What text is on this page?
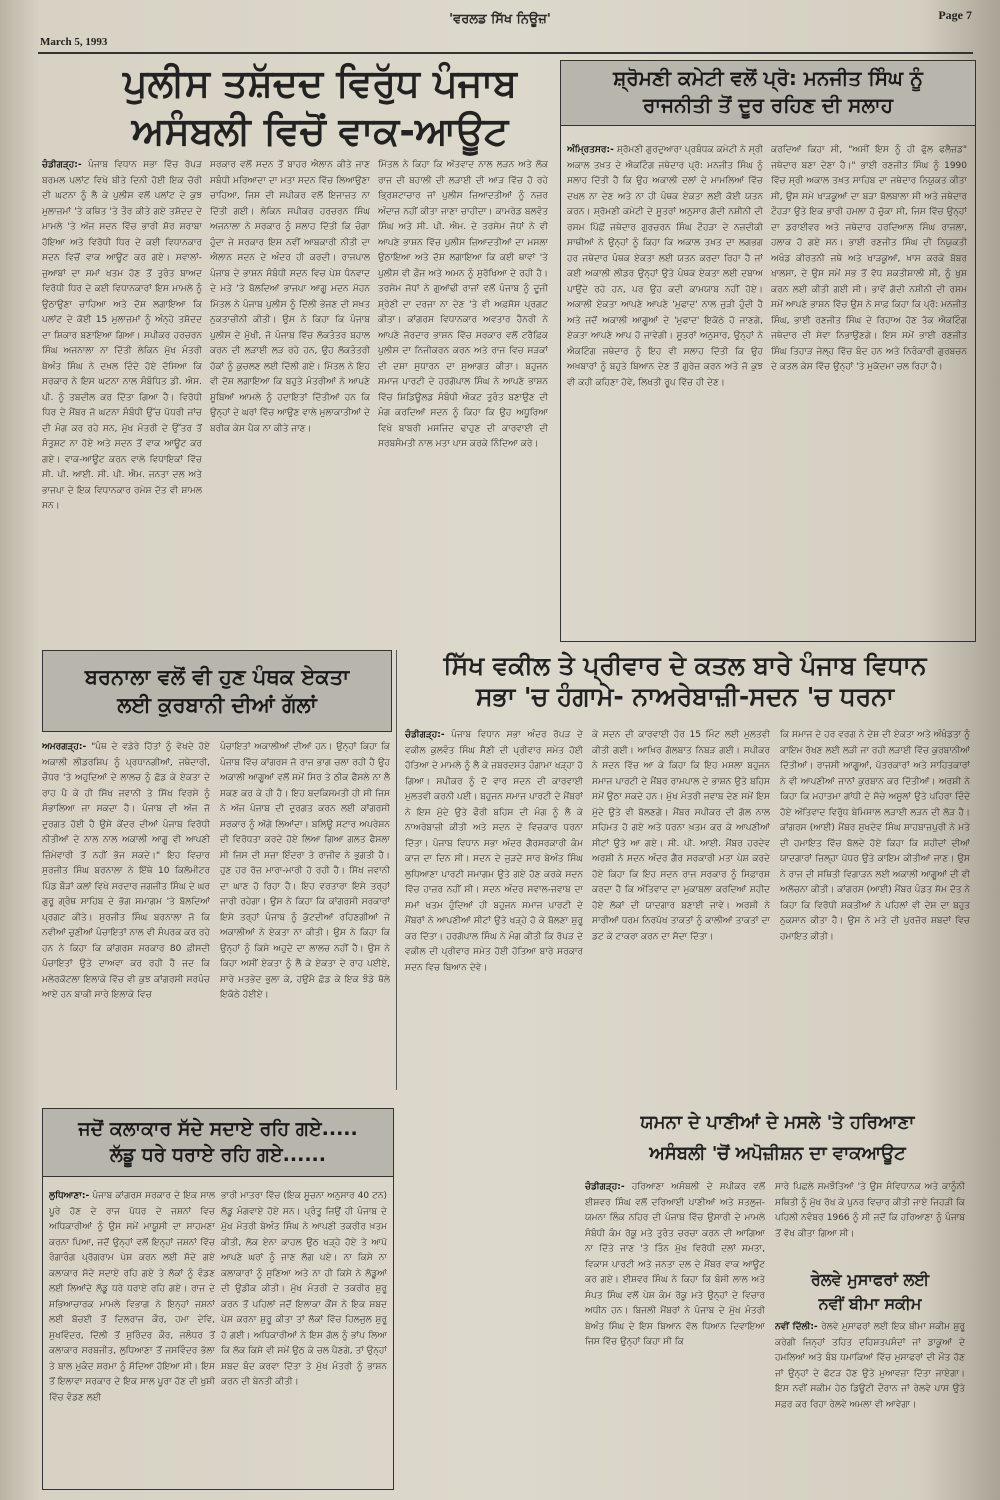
'ਵਰਲਡ ਸਿੱਖ ਨਿਊਜ਼'
March 5, 1993
Page 7
ਪੁਲੀਸ ਤਸ਼ੱਦਦ ਵਿਰੁੱਧ ਪੰਜਾਬ
ਅਸੰਬਲੀ ਵਿਚੋਂ ਵਾਕ-ਆਊਟ
ਚੰਡੀਗੜ੍ਹ:- ਪੰਜਾਬ ਵਿਧਾਨ ਸਭਾ ਵਿੱਚ ਰੋਪੜ ਬਰਮਲ ਪਲਾਂਟ ਵਿਖੇ ਬੀਤੇ ਦਿਨੀ ਹੋਈ ਇਕ ਚੋਰੀ ਦੀ ਘਟਨਾ ਨੂੰ ਲੈ ਕੇ ਪੁਲੀਸ ਵਲੋਂ ਪਲਾਂਟ ਦੇ ਕੁਝ ਮੁਲਾਜ਼ਮਾਂ 'ਤੇ ਕਥਿਤ 'ਤੇ ਤੌਰ ਕੀਤੇ ਗਏ ਤਸ਼ੱਦਦ ਦੇ ਮਾਮਲੇ 'ਤੇ ਅੱਜ ਸਦਨ ਵਿੱਚ ਭਾਰੀ ਸ਼ੋਰ ਸ਼ਰਾਬਾ ਹੋਇਆ ਅਤੇ ਵਿਰੋਧੀ ਧਿਰ ਦੇ ਕਈ ਵਿਧਾਨਕਾਰ ਸਦਨ ਵਿਚੋਂ ਵਾਕ ਆਊਟ ਕਰ ਗਏ। ਸਵਾਲਾਂ-ਜੁਆਬਾਂ ਦਾ ਸਮਾਂ ਖਤਮ ਹੋਣ ਤੋਂ ਤੁਰੰਤ ਬਾਅਦ ਵਿਰੋਧੀ ਧਿਰ ਦੇ ਕਈ ਵਿਧਾਨਕਾਰਾਂ ਇਸ ਮਾਮਲੇ ਨੂੰ ਉਠਾਉਣਾ ਚਾਹਿਆ ਅਤੇ ਦੋਸ਼ ਲਗਾਇਆ ਕਿ ਪਲਾਂਟ ਦੇ ਕੋਈ 15 ਮੁਲਾਜ਼ਮਾਂ ਨੂੰ ਅੰਨ੍ਹੇ ਤਸ਼ੱਦਦ ਦਾ ਸ਼ਿਕਾਰ ਬਣਾਇਆ ਗਿਆ। ਸਪੀਕਰ ਹਰਚਰਨ ਸਿੰਘ ਅਜਨਾਲਾ ਨਾ ਦਿੱਤੀ ਲੇਕਿਨ ਮੁੱਖ ਮੰਤਰੀ ਬੇਅੰਤ ਸਿੰਘ ਨੇ ਦਖ਼ਲ ਦਿੰਦੇ ਹੋਏ ਦੱਸਿਆ ਕਿ ਸਰਕਾਰ ਨੇ ਇਸ ਘਟਨਾ ਨਾਲ ਸੰਬੰਧਿਤ ਡੀ. ਐਸ. ਪੀ. ਨੂੰ ਤਬਦੀਲ ਕਰ ਦਿੱਤਾ ਗਿਆ ਹੈ। ਵਿਰੋਧੀ ਧਿਰ ਦੇ ਮੈਂਬਰ ਜੋ ਘਟਨਾ ਸੰਬੰਧੀ ਉੱਚ ਪੱਧਰੀ ਜਾਂਚ ਦੀ ਮੰਗ ਕਰ ਰਹੇ ਸਨ, ਮੁੱਖ ਮੰਤਰੀ ਦੇ ਉੱਤਰ ਤੋਂ ਸੰਤੁਸ਼ਟ ਨਾ ਹੋਏ ਅਤੇ ਸਦਨ ਤੋਂ ਵਾਕ ਆਊਟ ਕਰ ਗਏ। ਵਾਕ-ਆਊਟ ਕਰਨ ਵਾਲੇ ਵਿਧਾਇਕਾਂ ਵਿੱਚ ਸੀ. ਪੀ. ਆਈ. ਸੀ. ਪੀ. ਐਮ. ਜਨਤਾ ਦਲ ਅਤੇ ਭਾਜਪਾ ਦੇ ਇਕ ਵਿਧਾਨਕਾਰ ਰਮੇਸ਼ ਦੱਤ ਵੀ ਸ਼ਾਮਲ ਸਨ।
ਸਰਕਾਰ ਵਲੋਂ ਸਦਨ ਤੋਂ ਬਾਹਰ ਐਲਾਨ ਕੀਤੇ ਜਾਣ ਸਬੰਧੀ ਮਰਿਆਦਾ ਦਾ ਮਤਾ ਸਦਨ ਵਿੱਚ ਲਿਆਉਣਾ ਚਾਹਿਆ, ਜਿਸ ਦੀ ਸਪੀਕਰ ਵਲੋਂ ਇਜਾਜ਼ਤ ਨਾ ਦਿੱਤੀ ਗਈ। ਲੇਕਿਨ ਸਪੀਕਰ ਹਰਚਰਨ ਸਿੰਘ ਅਜਨਾਲਾ ਨੇ ਸਰਕਾਰ ਨੂੰ ਸਲਾਹ ਦਿੱਤੀ ਕਿ ਚੰਗਾ ਹੁੰਦਾ ਜੇ ਸਰਕਾਰ ਇਸ ਨਵੀਂ ਆਬਕਾਰੀ ਨੀਤੀ ਦਾ ਐਲਾਨ ਸਦਨ ਦੇ ਅੰਦਰ ਹੀ ਕਰਦੀ। ਰਾਜਪਾਲ ਪੰਜਾਬ ਦੇ ਭਾਸ਼ਨ ਸੰਬੰਧੀ ਸਦਨ ਵਿਚ ਪੇਸ਼ ਧੰਨਵਾਦ ਦੇ ਮਤੇ 'ਤੇ ਬੋਲਦਿਆਂ ਭਾਜਪਾ ਆਗੂ ਮਦਨ ਮੋਹਨ ਮਿੱਤਲ ਨੇ ਪੰਜਾਬ ਪੁਲੀਸ ਨੂੰ ਦਿੱਲੀ ਭੇਜਣ ਦੀ ਸਖ਼ਤ ਨੁਕਤਾਚੀਨੀ ਕੀਤੀ। ਉਸ ਨੇ ਕਿਹਾ ਕਿ ਪੰਜਾਬ ਪੁਲੀਸ ਦੇ ਮੁੱਖੀ, ਜੋ ਪੰਜਾਬ ਵਿੱਚ ਲੋਕਤੰਤਰ ਬਹਾਲ ਕਰਨ ਦੀ ਲੜਾਈ ਲੜ ਰਹੇ ਹਨ, ਉਹ ਲੋਕਤੰਤਰੀ ਹੱਕਾਂ ਨੂੰ ਕੁਚਲਣ ਲਈ ਦਿੱਲੀ ਗਏ। ਮਿੱਤਲ ਨੇ ਇਹ ਵੀ ਦੋਸ਼ ਲਗਾਇਆ ਕਿ ਬਹੁਤੇ ਮੰਤਰੀਆਂ ਨੇ ਆਪਣੇ ਸੂਬਿਆਂ ਆਮਲੇ ਨੂੰ ਹਦਾਇਤਾਂ ਦਿੱਤੀਆਂ ਹਨ ਕਿ ਉਨ੍ਹਾਂ ਦੇ ਘਰਾਂ ਵਿੱਚ ਆਉਣ ਵਾਲੇ ਮੁਲਾਕਾਤੀਆਂ ਦੇ ਬਰੀਕ ਕੇਸ ਪੈਕ ਨਾ ਕੀਤੇ ਜਾਣ।
ਮਿੱਤਲ ਨੇ ਕਿਹਾ ਕਿ ਅੱਤਵਾਦ ਨਾਲ ਲੜਨ ਅਤੇ ਲੋਕ ਰਾਜ ਦੀ ਬਹਾਲੀ ਦੀ ਲੜਾਈ ਦੀ ਆੜ ਵਿੱਚ ਹੋ ਰਹੇ ਭ੍ਰਿਸ਼ਟਾਚਾਰ ਜਾਂ ਪੁਲੀਸ ਜ਼ਿਆਦਤੀਆਂ ਨੂੰ ਨਜ਼ਰ ਅੰਦਾਜ਼ ਨਹੀਂ ਕੀਤਾ ਜਾਣਾ ਚਾਹੀਦਾ। ਕਾਮਰੇਡ ਬਲਵੰਤ ਸਿੰਘ ਅਤੇ ਸੀ. ਪੀ. ਐਮ. ਦੇ ਤਰਸੇਮ ਜੋਧਾਂ ਨੇ ਵੀ ਆਪਣੇ ਭਾਸ਼ਨ ਵਿੱਚ ਪੁਲੀਸ ਜ਼ਿਆਦਤੀਆਂ ਦਾ ਮਸਲਾ ਉਠਾਇਆ ਅਤੇ ਦੋਸ਼ ਲਗਾਇਆ ਕਿ ਕਈ ਥਾਵਾਂ 'ਤੇ ਪੁਲੀਸ ਵੀ ਫ਼ੌਜ ਅਤੇ ਅਮਨ ਨੂੰ ਸੁਰੱਖਿਆ ਦੇ ਰਹੀ ਹੈ। ਤਰਸੇਮ ਜੋਧਾਂ ਨੇ ਗੁਆਂਢੀ ਰਾਜਾਂ ਵਲੋਂ ਪੰਜਾਬ ਨੂੰ ਦੂਜੀ ਸ਼੍ਰੇਣੀ ਦਾ ਦਰਜਾ ਨਾ ਦੇਣ 'ਤੇ ਵੀ ਅਫ਼ਸੋਸ ਪ੍ਰਗਟ ਕੀਤਾ। ਕਾਂਗਰਸ ਵਿਧਾਨਕਾਰ ਅਵਤਾਰ ਹੈਨਰੀ ਨੇ ਆਪਣੇ ਜੋਰਦਾਰ ਭਾਸ਼ਨ ਵਿੱਚ ਸਰਕਾਰ ਵਲੋਂ ਟਰੈਫ਼ਿਕ ਪੁਲੀਸ ਦਾ ਨਿਜੀਕਰਨ ਕਰਨ ਅਤੇ ਰਾਜ ਵਿਚ ਸੜਕਾਂ ਦੀ ਦਸ਼ਾ ਸੁਧਾਰਨ ਦਾ ਸੁਆਗਤ ਕੀਤਾ। ਬਹੁਜਨ ਸਮਾਜ ਪਾਰਟੀ ਦੇ ਹਰਗੋਪਾਲ ਸਿੰਘ ਨੇ ਆਪਣੇ ਭਾਸ਼ਨ ਵਿੱਚ ਸ਼ਿਡਿਊਲਡ ਸੰਬੰਧੀ ਐਕਟ ਤੁਰੰਤ ਬਣਾਉਣ ਦੀ ਮੰਗ ਕਰਦਿਆਂ ਸਦਨ ਨੂੰ ਕਿਹਾ ਕਿ ਉਹ ਅਧੂਰਿਆ ਵਿਖੇ ਬਾਬਰੀ ਮਸਜਿਦ ਢਾਹੁਣ ਦੀ ਕਾਰਵਾਈ ਦੀ ਸਰਬਸੰਮਤੀ ਨਾਲ ਮਤਾ ਪਾਸ ਕਰਕੇ ਨਿੰਦਿਆ ਕਰੇ।
ਸ਼੍ਰੋਮਣੀ ਕਮੇਟੀ ਵਲੋਂ ਪ੍ਰੋ: ਮਨਜੀਤ ਸਿੰਘ ਨੂੰ
ਰਾਜਨੀਤੀ ਤੋਂ ਦੂਰ ਰਹਿਣ ਦੀ ਸਲਾਹ
ਅੰਮ੍ਰਿਤਸਰ:- ਸ਼੍ਰੋਮਣੀ ਗੁਰਦੁਆਰਾ ਪ੍ਰਬੰਧਕ ਕਮੇਟੀ ਨੇ ਸ੍ਰੀ ਅਕਾਲ ਤਖ਼ਤ ਦੇ ਐਕਟਿੰਗ ਜਥੇਦਾਰ ਪ੍ਰੋ: ਮਨਜੀਤ ਸਿੰਘ ਨੂੰ ਸਲਾਹ ਦਿੱਤੀ ਹੈ ਕਿ ਉਹ ਅਕਾਲੀ ਦਲਾਂ ਦੇ ਮਾਮਲਿਆਂ ਵਿੱਚ ਦਖਲ ਨਾ ਦੇਣ ਅਤੇ ਨਾ ਹੀ ਪੰਥਕ ਏਕਤਾ ਲਈ ਕੋਈ ਯਤਨ ਕਰਨ। ਸ਼੍ਰੋਮਣੀ ਕਮੇਟੀ ਦੇ ਸੂਤਰਾਂ ਅਨੁਸਾਰ ਗੱਦੀ ਨਸ਼ੀਨੀ ਦੀ ਰਸਮ ਪਿੱਛੋਂ ਜਥੇਦਾਰ ਗੁਰਚਰਨ ਸਿੰਘ ਟੌਹੜਾ ਦੇ ਨਜ਼ਦੀਕੀ ਸਾਥੀਆਂ ਨੇ ਉਨ੍ਹਾਂ ਨੂੰ ਕਿਹਾ ਕਿ ਅਕਾਲ ਤਖ਼ਤ ਦਾ ਲਗਭਗ ਹਰ ਜਥੇਦਾਰ ਪੰਥਕ ਏਕਤਾ ਲਈ ਯਤਨ ਕਰਦਾ ਰਿਹਾ ਹੈ ਜਾਂ ਕਈ ਅਕਾਲੀ ਲੀਡਰ ਉਨ੍ਹਾਂ ਉਤੇ ਪੰਥਕ ਏਕਤਾ ਲਈ ਦਬਾਅ ਪਾਉਂਦੇ ਰਹੇ ਹਨ, ਪਰ ਉਹ ਕਦੀ ਕਾਮਯਾਬ ਨਹੀਂ ਹੋਏ। ਅਕਾਲੀ ਏਕਤਾ ਆਪਣੇ ਆਪਣੇ 'ਮੁਫਾਦ' ਨਾਲ ਜੁੜੀ ਹੁੰਦੀ ਹੈ ਅਤੇ ਜਦੋਂ ਅਕਾਲੀ ਆਗੂਆਂ ਦੇ 'ਮੁਫਾਦ' ਇਕੱਠੇ ਹੋ ਜਾਣਗੇ, ਏਕਤਾ ਆਪਣੇ ਆਪ ਹੋ ਜਾਵੇਗੀ। ਸੂਤਰਾਂ ਅਨੁਸਾਰ, ਉਨ੍ਹਾਂ ਨੇ ਐਕਟਿੰਗ ਜਥੇਦਾਰ ਨੂੰ ਇਹ ਵੀ ਸਲਾਹ ਦਿੱਤੀ ਕਿ ਉਹ ਅਖ਼ਬਾਰਾਂ ਨੂੰ ਬਹੁਤੇ ਬਿਆਨ ਦੇਣ ਤੋਂ ਗੁਰੇਜ਼ ਕਰਨ ਅਤੇ ਜੋ ਕੁਝ ਵੀ ਕਹੀ ਕਹਿਣਾ ਹੋਵੇ, ਲਿਖਤੀ ਰੂਪ ਵਿੱਚ ਹੀ ਦੇਣ।
ਕਰਦਿਆਂ ਕਿਹਾ ਸੀ, "ਅਸੀਂ ਇਸ ਨੂੰ ਹੀ ਫੁੱਲ ਫਲੈਜ਼ਡ" ਜਥੇਦਾਰ ਬਣਾ ਦੇਣਾ ਹੈ।" ਭਾਈ ਰਣਜੀਤ ਸਿੰਘ ਨੂੰ 1990 ਵਿੱਚ ਸ੍ਰੀ ਅਕਾਲ ਤਖ਼ਤ ਸਾਹਿਬ ਦਾ ਜਥੇਦਾਰ ਨਿਯੁਕਤ ਕੀਤਾ ਸੀ, ਉਸ ਸਮੇ ਖਾੜਕੂਆਂ ਦਾ ਬੜਾ ਬੋਲਬਾਲਾ ਸੀ ਅਤੇ ਜਥੇਦਾਰ ਟੌਹੜਾ ਉਤੇ ਇਕ ਭਾਰੀ ਹਮਲਾ ਹੋ ਚੁੱਕਾ ਸੀ, ਜਿਸ ਵਿੱਚ ਉਨ੍ਹਾਂ ਦਾ ਡਰਾਈਵਰ ਅਤੇ ਜਥੇਦਾਰ ਹਰਦਿਆਲ ਸਿੰਘ ਰਾਜਲਾ, ਹਲਾਕ ਹੋ ਗਏ ਸਨ। ਭਾਈ ਰਣਜੀਤ ਸਿੰਘ ਦੀ ਨਿਯੁਕਤੀ ਅਖੰਡ ਕੀਰਤਨੀ ਜਥੇ ਅਤੇ ਖਾੜਕੂਆਂ, ਖ਼ਾਸ ਕਰਕੇ ਬੱਬਰ ਖਾਲਸਾ, ਦੇ ਉਸ ਸਮੇਂ ਸਭ ਤੋਂ ਵੱਧ ਸ਼ਕਤੀਸ਼ਾਲੀ ਸੀ, ਨੂੰ ਖੁਸ਼ ਕਰਨ ਲਈ ਕੀਤੀ ਗਈ ਸੀ। ਭਾਵੇਂ ਗੱਦੀ ਨਸ਼ੀਨੀ ਦੀ ਰਸਮ ਸਮੇਂ ਆਪਣੇ ਭਾਸ਼ਨ ਵਿੱਚ ਉਸ ਨੇ ਸਾਫ਼ ਕਿਹਾ ਕਿ ਪ੍ਰੋ: ਮਨਜੀਤ ਸਿੰਘ, ਭਾਈ ਰਣਜੀਤ ਸਿੰਘ ਦੇ ਰਿਹਾਅ ਹੋਣ ਤੱਕ ਐਕਟਿੰਗ ਜਥੇਦਾਰ ਦੀ ਸੇਵਾ ਨਿਭਾਉਣਗੇ। ਇਸ ਸਮੇਂ ਭਾਈ ਰਣਜੀਤ ਸਿੰਘ ਤਿਹਾੜ ਜੇਲ੍ਹ ਵਿੱਚ ਬੰਦ ਹਨ ਅਤੇ ਨਿਰੰਕਾਰੀ ਗੁਰਬਚਨ ਦੇ ਕਤਲ ਕੇਸ ਵਿੱਚ ਉਨ੍ਹਾਂ 'ਤੇ ਮੁਕੱਦਮਾ ਚਲ ਰਿਹਾ ਹੈ।
ਬਰਨਾਲਾ ਵਲੋਂ ਵੀ ਹੁਣ ਪੰਥਕ ਏਕਤਾ
ਲਈ ਕੁਰਬਾਨੀ ਦੀਆਂ ਗੱਲਾਂ
ਅਮਰਗੜ੍ਹ:- "ਪੰਥ ਦੇ ਵਡੇਰੇ ਹਿੱਤਾਂ ਨੂੰ ਵੇਖਦੇ ਹੋਏ ਅਕਾਲੀ ਲੀਡਰਸ਼ਿਪ ਨੂੰ ਪ੍ਰਧਾਨਗੀਆਂ, ਜਥੇਦਾਰੀ, ਚੌਧਰ 'ਤੇ ਅਹੁਦਿਆਂ ਦੇ ਲਾਲਚ ਨੂੰ ਛੱਡ ਕੇ ਏਕਤਾ ਦੇ ਰਾਹ ਪੈ ਕੇ ਹੀ ਸਿੱਖ ਜਵਾਨੀ ਤੇ ਸਿੱਖ ਵਿਰਸੇ ਨੂੰ ਸੰਭਾਲਿਆ ਜਾ ਸਕਦਾ ਹੈ। ਪੰਜਾਬ ਦੀ ਅੱਜ ਜੋ ਦੁਰਗਤ ਹੋਈ ਹੈ ਉਸੇ ਕੇਂਦਰ ਦੀਆਂ ਪੰਜਾਬ ਵਿਰੋਧੀ ਨੀਤੀਆਂ ਦੇ ਨਾਲ ਨਾਲ ਅਕਾਲੀ ਆਗੂ ਵੀ ਆਪਣੀ ਜ਼ਿੰਮੇਵਾਰੀ ਤੋਂ ਨਹੀਂ ਭੱਜ ਸਕਦੇ।" ਇਹ ਵਿਚਾਰ ਸੁਰਜੀਤ ਸਿੰਘ ਬਰਨਾਲਾ ਨੇ ਇੱਥੇ 10 ਕਿਲੋਮੀਟਰ ਪਿੰਡ ਬੌੜਾਂ ਕਲਾਂ ਵਿਖੇ ਸਰਦਾਰ ਜਗਜੀਤ ਸਿੰਘ ਦੇ ਘਰ ਗੁਰੂ ਗ੍ਰੰਥ ਸਾਹਿਬ ਦੇ ਭੋਗ ਸਮਾਗਮ 'ਤੇ ਬੋਲਦਿਆਂ ਪ੍ਰਗਟ ਕੀਤੇ। ਸੁਰਜੀਤ ਸਿੰਘ ਬਰਨਾਲਾ ਜੋ ਕਿ ਨਵੀਆਂ ਚੁਣੀਆਂ ਪੰਚਾਇਤਾਂ ਨਾਲ ਵੀ ਸੰਪਰਕ ਕਰ ਰਹੇ ਹਨ ਨੇ ਕਿਹਾ ਕਿ ਕਾਂਗਰਸ ਸਰਕਾਰ 80 ਫ਼ੀਸਦੀ ਪੰਚਾਇਤਾਂ ਉਤੇ ਦਾਅਵਾ ਕਰ ਰਹੀ ਹੈ ਜਦ ਕਿ ਮਲੇਰਕੋਟਲਾ ਇਲਾਕੇ ਵਿੱਚ ਵੀ ਕੁਝ ਕਾਂਗਰਸੀ ਸਰਪੰਚ ਆਏ ਹਨ ਬਾਕੀ ਸਾਰੇ ਇਲਾਕੇ ਵਿਚ
ਪੰਚਾਇਤਾਂ ਅਕਾਲੀਆਂ ਦੀਆਂ ਹਨ। ਉਨ੍ਹਾਂ ਕਿਹਾ ਕਿ ਪੰਜਾਬ ਵਿੱਚ ਕਾਂਗਰਸ ਜੋ ਰਾਜ ਭਾਗ ਚਲਾ ਰਹੀ ਹੈ ਉਹ ਅਕਾਲੀ ਆਗੂਆਂ ਵਲੋਂ ਸਮੇਂ ਸਿਰ ਤੇ ਠੀਕ ਫੈਸਲੇ ਨਾ ਲੈ ਸਕਣ ਕਰ ਕੇ ਹੀ ਹੈ। ਇਹ ਬਦਕਿਸਮਤੀ ਹੀ ਸੀ ਜਿਸ ਨੇ ਅੱਜ ਪੰਜਾਬ ਦੀ ਦੁਰਗਤ ਕਰਨ ਲਈ ਕਾਂਗਰਸੀ ਸਰਕਾਰ ਨੂੰ ਅੱਗੇ ਲਿਆਂਦਾ। ਬਲਿਊ ਸਟਾਰ ਅਪਰੇਸ਼ਨ ਦੀ ਵਿਰੋਧਤਾ ਕਰਦੇ ਹੋਏ ਲਿਆ ਗਿਆ ਗਲਤ ਫੈਸਲਾ ਸੀ ਜਿਸ ਦੀ ਸਜ਼ਾ ਇੰਦਰਾ ਤੇ ਰਾਜੀਵ ਨੇ ਭੁਗਤੀ ਹੈ। ਹੁਣ ਹਰ ਰੋਜ਼ ਮਾਰਾ-ਮਾਰੀ ਹੋ ਰਹੀ ਹੈ। ਸਿੱਖ ਜਵਾਨੀ ਦਾ ਘਾਣ ਹੋ ਰਿਹਾ ਹੈ। ਇਹ ਵਰਤਾਰਾ ਇਸੇ ਤਰ੍ਹਾਂ ਜਾਰੀ ਰਹੇਗਾ। ਉਸ ਨੇ ਕਿਹਾ ਕਿ ਕਾਂਗਰਸੀ ਸਰਕਾਰਾਂ ਇਸੇ ਤਰ੍ਹਾਂ ਪੰਜਾਬ ਨੂੰ ਕੁੱਟਦੀਆਂ ਰਹਿਣਗੀਆਂ ਜੇ ਅਕਾਲੀਆਂ ਨੇ ਏਕਤਾ ਨਾ ਕੀਤੀ। ਉਸ ਨੇ ਕਿਹਾ ਕਿ ਉਨ੍ਹਾਂ ਨੂੰ ਕਿਸੇ ਅਹੁਦੇ ਦਾ ਲਾਲਚ ਨਹੀਂ ਹੈ। ਉਸ ਨੇ ਕਿਹਾ ਅਸੀਂ ਏਕਤਾ ਨੂੰ ਲੈ ਕੇ ਏਕਤਾ ਦੇ ਰਾਹ ਪਈਏ, ਸਾਰੇ ਮਤਭੇਦ ਭੁਲਾ ਕੇ, ਹਉਮੈ ਛੱਡ ਕੇ ਇਕ ਝੰਡੇ ਥੱਲੇ ਇਕੱਠੇ ਹੋਈਏ।
ਸਿੱਖ ਵਕੀਲ ਤੇ ਪ੍ਰੀਵਾਰ ਦੇ ਕਤਲ ਬਾਰੇ ਪੰਜਾਬ ਵਿਧਾਨ
ਸਭਾ 'ਚ ਹੰਗਾਮੇ- ਨਾਅਰੇਬਾਜ਼ੀ-ਸਦਨ 'ਚ ਧਰਨਾ
ਚੰਡੀਗੜ੍ਹ:- ਪੰਜਾਬ ਵਿਧਾਨ ਸਭਾ ਅੰਦਰ ਰੋਪੜ ਦੇ ਵਕੀਲ ਕੁਲਵੰਤ ਸਿੰਘ ਸੈਣੀ ਦੀ ਪ੍ਰੀਵਾਰ ਸਮੇਤ ਹੋਈ ਹੱਤਿਆ ਦੇ ਮਾਮਲੇ ਨੂੰ ਲੈ ਕੇ ਜ਼ਬਰਦਸਤ ਹੰਗਾਮਾ ਖੜ੍ਹਾ ਹੋ ਗਿਆ। ਸਪੀਕਰ ਨੂੰ ਦੋ ਵਾਰ ਸਦਨ ਦੀ ਕਾਰਵਾਈ ਮੁਲਤਵੀ ਕਰਨੀ ਪਈ। ਬਹੁਜਨ ਸਮਾਜ ਪਾਰਟੀ ਦੇ ਮੈਂਬਰਾਂ ਨੇ ਇਸ ਮੁੱਦੇ ਉਤੇ ਫੌਰੀ ਬਹਿਸ ਦੀ ਮੰਗ ਨੂੰ ਲੈ ਕੇ ਨਾਅਰੇਬਾਜ਼ੀ ਕੀਤੀ ਅਤੇ ਸਦਨ ਦੇ ਵਿਚਕਾਰ ਧਰਨਾ ਦਿੱਤਾ। ਪੰਜਾਬ ਵਿਧਾਨ ਸਭਾ ਅੰਦਰ ਗੈਰਸਰਕਾਰੀ ਕੰਮ ਕਾਜ ਦਾ ਦਿਨ ਸੀ। ਸਦਨ ਦੇ ਜੁੜਦੇ ਸਾਰ ਬੇਅੰਤ ਸਿੰਘ ਲੁਧਿਆਣਾ ਪਾਰਟੀ ਸਮਾਗਮ ਉਤੇ ਗਏ ਹੋਣ ਕਰਕੇ ਸਦਨ ਵਿੱਚ ਹਾਜ਼ਰ ਨਹੀਂ ਸੀ। ਸਦਨ ਅੰਦਰ ਸਵਾਲ-ਜਵਾਬ ਦਾ ਸਮਾਂ ਖਤਮ ਹੁੰਦਿਆਂ ਹੀ ਬਹੁਜਨ ਸਮਾਜ ਪਾਰਟੀ ਦੇ ਮੈਂਬਰਾਂ ਨੇ ਆਪਣੀਆਂ ਸੀਟਾਂ ਉਤੇ ਖੜ੍ਹੇ ਹੋ ਕੇ ਬੋਲਣਾ ਸ਼ੁਰੂ ਕਰ ਦਿੱਤਾ। ਹਰਗੋਪਾਲ ਸਿੰਘ ਨੇ ਮੰਗ ਕੀਤੀ ਕਿ ਰੋਪੜ ਦੇ ਵਕੀਲ ਦੀ ਪ੍ਰੀਵਾਰ ਸਮੇਤ ਹੋਈ ਹੱਤਿਆ ਬਾਰੇ ਸਰਕਾਰ ਸਦਨ ਵਿਚ ਬਿਆਨ ਦੇਵੇ।
ਕੇ ਸਦਨ ਦੀ ਕਾਰਵਾਈ ਹੋਰ 15 ਮਿੰਟ ਲਈ ਮੁਲਤਵੀ ਕੀਤੀ ਗਈ। ਆਖ਼ਿਰ ਗੱਲਬਾਤ ਨਿਬੜ ਗਈ। ਸਪੀਕਰ ਨੇ ਸਦਨ ਵਿੱਚ ਆ ਕੇ ਕਿਹਾ ਕਿ ਇਹ ਮਸਲਾ ਬਹੁਜਨ ਸਮਾਜ ਪਾਰਟੀ ਦੇ ਮੈਂਬਰ ਰਾਮਪਾਲ ਦੇ ਭਾਸ਼ਨ ਉਤੇ ਬਹਿਸ ਸਮੇਂ ਉਠਾ ਸਕਦੇ ਹਨ। ਮੁੱਖ ਮੰਤਰੀ ਜਵਾਬ ਦੇਣ ਸਮੇਂ ਇਸ ਮੁੱਦੇ ਉਤੇ ਵੀ ਬੋਲਣਗੇ। ਮੈਂਬਰ ਸਪੀਕਰ ਦੀ ਗੱਲ ਨਾਲ ਸਹਿਮਤ ਹੋ ਗਏ ਅਤੇ ਧਰਨਾ ਖ਼ਤਮ ਕਰ ਕੇ ਆਪਣੀਆਂ ਸੀਟਾਂ ਉਤੇ ਆ ਗਏ। ਸੀ. ਪੀ. ਆਈ. ਮੈਂਬਰ ਹਰਦੇਵ ਅਰਸ਼ੀ ਨੇ ਸਦਨ ਅੰਦਰ ਗੈਰ ਸਰਕਾਰੀ ਮਤਾ ਪੇਸ਼ ਕਰਦੇ ਹੋਏ ਕਿਹਾ ਕਿ ਇਹ ਸਦਨ ਰਾਜ ਸਰਕਾਰ ਨੂੰ ਸਿਫ਼ਾਰਸ਼ ਕਰਦਾ ਹੈ ਕਿ ਅੱਤਿਵਾਦ ਦਾ ਮੁਕਾਬਲਾ ਕਰਦਿਆਂ ਸ਼ਹੀਦ ਹੋਏ ਲੋਕਾਂ ਦੀ ਯਾਦਗਾਰ ਬਣਾਈ ਜਾਵੇ। ਅਰਸ਼ੀ ਨੇ ਸਾਰੀਆਂ ਧਰਮ ਨਿਰਪੱਖ ਤਾਕਤਾਂ ਨੂੰ ਕਾਲੀਆਂ ਤਾਕਤਾਂ ਦਾ ਡਟ ਕੇ ਟਾਕਰਾ ਕਰਨ ਦਾ ਸੱਦਾ ਦਿੱਤਾ।
ਕਿ ਸਮਾਜ ਦੇ ਹਰ ਵਰਗ ਨੇ ਦੇਸ਼ ਦੀ ਏਕਤਾ ਅਤੇ ਅੰਖੰਡਤਾ ਨੂੰ ਕਾਇਮ ਰੱਖਣ ਲਈ ਲੜੀ ਜਾ ਰਹੀ ਲੜਾਈ ਵਿੱਚ ਕੁਰਬਾਨੀਆਂ ਦਿੱਤੀਆਂ। ਰਾਜਸੀ ਆਗੂਆਂ, ਪੱਤਰਕਾਰਾਂ ਅਤੇ ਸਾਹਿਤਕਾਰਾਂ ਨੇ ਵੀ ਆਪਣੀਆਂ ਜਾਨਾਂ ਕੁਰਬਾਨ ਕਰ ਦਿੱਤੀਆਂ। ਅਰਸ਼ੀ ਨੇ ਕਿਹਾ ਕਿ ਮਹਾਤਮਾ ਗਾਂਧੀ ਦੇ ਸੱਚੇ ਅਸੂਲਾਂ ਉਤੇ ਪਹਿਰਾ ਦਿੰਦੇ ਹੋਏ ਅੱਤਿਵਾਦ ਵਿਰੁੱਧ ਬੇਮਿਸਾਲ ਲੜਾਈ ਲੜਨ ਦੀ ਲੋੜ ਹੈ। ਕਾਂਗਰਸ (ਆਈ) ਮੈਂਬਰ ਸੁਖਦੇਵ ਸਿੰਘ ਸ਼ਾਹਬਾਜ਼ਪੁਰੀ ਨੇ ਮਤੇ ਦੀ ਹਮਾਇਤ ਵਿੱਚ ਬੋਲਦੇ ਹੋਏ ਕਿਹਾ ਕਿ ਸ਼ਹੀਦਾਂ ਦੀਆਂ ਯਾਦਗਾਰਾਂ ਜ਼ਿਲ੍ਹਾ ਪੱਧਰ ਉਤੇ ਕਾਇਮ ਕੀਤੀਆਂ ਜਾਣ। ਉਸ ਨੇ ਰਾਜ ਦੀ ਸਥਿਤੀ ਵਿਗਾੜਨ ਲਈ ਅਕਾਲੀ ਆਗੂਆਂ ਦੀ ਵੀ ਅਲੋਚਨਾ ਕੀਤੀ। ਕਾਂਗਰਸ (ਆਈ) ਮੈਂਬਰ ਪੰਡਤ ਸੋਮ ਦੱਤ ਨੇ ਕਿਹਾ ਕਿ ਵਿਰੋਧੀ ਸ਼ਕਤੀਆਂ ਨੇ ਪਹਿਲਾਂ ਵੀ ਦੇਸ਼ ਦਾ ਬਹੁਤ ਨੁਕਸਾਨ ਕੀਤਾ ਹੈ। ਉਸ ਨੇ ਮਤੇ ਦੀ ਪੁਰਜ਼ੋਰ ਸ਼ਬਦਾਂ ਵਿਚ ਹਮਾਇਤ ਕੀਤੀ।
ਜਦੋਂ ਕਲਾਕਾਰ ਸੱਦੇ ਸਦਾਏ ਰਹਿ ਗਏ.....
ਲੱਡੂ ਧਰੇ ਧਰਾਏ ਰਹਿ ਗਏ......
ਲੁਧਿਆਣਾ:- ਪੰਜਾਬ ਕਾਂਗਰਸ ਸਰਕਾਰ ਦੇ ਇਕ ਸਾਲ ਪੂਰੇ ਹੋਣ ਦੇ ਰਾਜ ਪੱਧਰ ਦੇ ਜਸ਼ਨਾਂ ਵਿਚ ਅਧਿਕਾਰੀਆਂ ਨੂੰ ਉਸ ਸਮੇਂ ਮਾਯੂਸੀ ਦਾ ਸਾਹਮਣਾ ਕਰਨਾ ਪਿਆ, ਜਦੋਂ ਉਨ੍ਹਾਂ ਵਲੋਂ ਇਨ੍ਹਾਂ ਜਸ਼ਨਾਂ ਵਿੱਚ ਰੰਗਾਰੰਗ ਪ੍ਰੋਗਰਾਮ ਪੇਸ਼ ਕਰਨ ਲਈ ਸੱਦੇ ਗਏ ਕਲਾਕਾਰ ਸੱਦੇ ਸਦਾਏ ਰਹਿ ਗਏ ਤੇ ਲੋਕਾਂ ਨੂੰ ਵੰਡਣ ਲਈ ਲਿਆਂਦੇ ਲੱਡੂ ਧਰੇ ਧਰਾਏ ਰਹਿ ਗਏ। ਰਾਜ ਦੇ ਸਭਿਆਚਾਰਕ ਮਾਮਲੇ ਵਿਭਾਗ ਨੇ ਇਨ੍ਹਾਂ ਜਸ਼ਨਾਂ ਲਈ ਬੱਚਈ ਤੋਂ ਦਿਲਰਾਜ ਕੌਰ, ਹਮਾ ਦੇਵਿ, ਸੁਖਵਿੰਦਰ, ਦਿੱਲੀ ਤੋਂ ਸੁਰਿੰਦਰ ਕੌਰ, ਜਲੰਧਰ ਤੋਂ ਕਲਾਕਾਰ ਸਰਬਜੀਤ, ਲੁਧਿਆਣਾ ਤੋਂ ਜਸਵਿੰਦਰ ਭੱਲਾ ਤੇ ਬਾਲ ਮੁਕੰਦ ਸ਼ਰਮਾ ਨੂੰ ਸੱਦਿਆ ਹੋਇਆ ਸੀ। ਇਸ ਤੋਂ ਇਲਾਵਾ ਸਰਕਾਰ ਦੇ ਇਕ ਸਾਲ ਪੂਰਾ ਹੋਣ ਦੀ ਖੁਸ਼ੀ ਵਿੱਚ ਵੰਡਣ ਲਈ
ਭਾਰੀ ਮਾਤਰਾ ਵਿੱਚ (ਇਕ ਸੂਚਨਾ ਅਨੁਸਾਰ 40 ਟਨ) ਲੱਡੂ ਮੰਗਵਾਏ ਹੋਏ ਸਨ। ਪ੍ਰੰਤੂ ਜਿਉਂ ਹੀ ਪੰਜਾਬ ਦੇ ਮੁੱਖ ਮੰਤਰੀ ਬੇਅੰਤ ਸਿੰਘ ਨੇ ਆਪਣੀ ਤਕਰੀਰ ਖ਼ਤਮ ਕੀਤੀ, ਲੋਕ ਏਨਾ ਕਾਹਲ ਉਠ ਖੜ੍ਹੇ ਹੋਏ ਤੇ ਆਪੋ ਆਪਣੇ ਘਰਾਂ ਨੂੰ ਜਾਣ ਲੱਗ ਪਏ। ਨਾ ਕਿਸੇ ਨਾ ਕਲਾਕਾਰਾਂ ਨੂੰ ਸੁਣਿਆ ਅਤੇ ਨਾ ਹੀ ਕਿਸੇ ਨੇ ਲੱਡੂਆਂ ਦੀ ਉਡੀਕ ਕੀਤੀ। ਮੁੱਖ ਮੰਤਰੀ ਦੇ ਤਕਰੀਰ ਸ਼ੁਰੂ ਕਰਨ ਤੋਂ ਪਹਿਲਾਂ ਜਦੋਂ ਇਲਾਕਾ ਕੌਂਸ ਨੇ ਇਕ ਸ਼ਬਦ ਪੇਸ਼ ਕਰਨਾ ਸ਼ੁਰੂ ਕੀਤਾ ਤਾਂ ਲੋਕਾਂ ਵਿੱਚ ਹਿਲਜੁਲ ਸ਼ੁਰੂ ਹੋ ਗਈ। ਅਧਿਕਾਰੀਆਂ ਨੇ ਇਸ ਗੱਲ ਨੂੰ ਭਾਂਪ ਲਿਆ ਕਿ ਲੋਕ ਕਿਸੇ ਵੀ ਸਮੇਂ ਉਠ ਕੇ ਚਲ ਪੈਣਗੇ, ਤਾਂ ਉਨ੍ਹਾਂ ਸ਼ਬਦ ਬੰਦ ਕਰਵਾ ਦਿੱਤਾ ਤੇ ਮੁੱਖ ਮੰਤਰੀ ਨੂੰ ਭਾਸ਼ਨ ਕਰਨ ਦੀ ਬੇਨਤੀ ਕੀਤੀ।
ਯਮਨਾ ਦੇ ਪਾਣੀਆਂ ਦੇ ਮਸਲੇ 'ਤੇ ਹਰਿਆਣਾ
ਅਸੰਬਲੀ 'ਚੋਂ ਅਪੋਜ਼ੀਸ਼ਨ ਦਾ ਵਾਕਆਊਟ
ਚੰਡੀਗੜ੍ਹ:- ਹਰਿਆਣਾ ਅਸੰਬਲੀ ਦੇ ਸਪੀਕਰ ਵਲੋਂ ਈਸ਼ਵਰ ਸਿੰਘ ਵਲੋਂ ਦਰਿਆਈ ਪਾਣੀਆਂ ਅਤੇ ਸਤਲੁਜ-ਯਮਨਾ ਲਿੰਕ ਨਹਿਰ ਦੀ ਪੰਜਾਬ ਵਿੱਚ ਉਸਾਰੀ ਦੇ ਮਾਮਲੇ ਸੰਬੰਧੀ ਕੰਮ ਰੋਕੂ ਮਤੇ ਤੁਰੰਤ ਚਰਚਾ ਕਰਨ ਦੀ ਆਗਿਆ ਨਾ ਦਿੱਤੇ ਜਾਣ 'ਤੇ ਤਿੰਨ ਮੁੱਖ ਵਿਰੋਧੀ ਦਲਾਂ ਸਮਤਾ, ਵਿਕਾਸ ਪਾਰਟੀ ਅਤੇ ਜਨਤਾ ਦਲ ਦੇ ਮੈਂਬਰ ਵਾਕ ਆਊਟ ਕਰ ਗਏ। ਈਸ਼ਵਰ ਸਿੰਘ ਨੇ ਕਿਹਾ ਕਿ ਬੰਸੀ ਲਾਲ ਅਤੇ ਸੰਪਤ ਸਿੰਘ ਵਲੋਂ ਪੇਸ਼ ਕੰਮ ਰੋਕੂ ਮਤੇ ਉਨ੍ਹਾਂ ਦੇ ਵਿਚਾਰ ਅਧੀਨ ਹਨ। ਬਿਜਲੀ ਮੈਂਬਰਾਂ ਨੇ ਪੰਜਾਬ ਦੇ ਮੁੱਖ ਮੰਤਰੀ ਬੇਅੰਤ ਸਿੰਘ ਦੇ ਇਸ ਬਿਆਨ ਵੱਲ ਧਿਆਨ ਦਿਵਾਇਆ ਜਿਸ ਵਿੱਚ ਉਨ੍ਹਾਂ ਕਿਹਾ ਸੀ ਕਿ
ਸਾਰੇ ਪਿਛਲੇ ਸਮਝੌਤਿਆਂ 'ਤੇ ਉਸ ਸੰਵਿਧਾਨਕ ਅਤੇ ਕਾਨੂੰਨੀ ਸਥਿਤੀ ਨੂੰ ਮੁੱਖ ਰੱਖ ਕੇ ਪੁਨਰ ਵਿਚਾਰ ਕੀਤੀ ਜਾਏ ਜਿਹੜੀ ਕਿ ਪਹਿਲੀ ਨਵੰਬਰ 1966 ਨੂੰ ਸੀ ਜਦੋਂ ਕਿ ਹਰਿਆਣਾ ਨੂੰ ਪੰਜਾਬ ਤੋਂ ਵੱਖ ਕੀਤਾ ਗਿਆ ਸੀ।
ਰੇਲਵੇ ਮੁਸਾਫਰਾਂ ਲਈ
ਨਵੀਂ ਬੀਮਾ ਸਕੀਮ
ਨਵੀਂ ਦਿੱਲੀ:- ਰੇਲਵੇ ਮੁਸਾਫਰਾਂ ਲਈ ਇਕ ਬੀਮਾ ਸਕੀਮ ਸ਼ੁਰੂ ਕਰੇਗੀ ਜਿਨ੍ਹਾਂ ਤਹਿਤ ਦਹਿਸ਼ਤਪਸੰਦਾਂ ਜਾਂ ਡਾਕੂਆਂ ਦੇ ਹਮਲਿਆਂ ਅਤੇ ਬੰਬ ਧਮਾਕਿਆਂ ਵਿੱਚ ਮੁਸਾਫਰਾਂ ਦੀ ਮੌਤ ਹੋਣ ਜਾਂ ਉਨ੍ਹਾਂ ਦੇ ਫੱਟੜ ਹੋਣ ਉਤੇ ਮੁਆਵਜ਼ਾ ਦਿੱਤਾ ਜਾਏਗਾ। ਇਸ ਨਵੀਂ ਸਕੀਮ ਹੇਠ ਡਿਊਟੀ ਦੌਰਾਨ ਜਾਂ ਰੇਲਵੇ ਪਾਸ ਉਤੇ ਸਫ਼ਰ ਕਰ ਰਿਹਾ ਰੇਲਵੇ ਅਮਲਾ ਵੀ ਆਵੇਗਾ।
